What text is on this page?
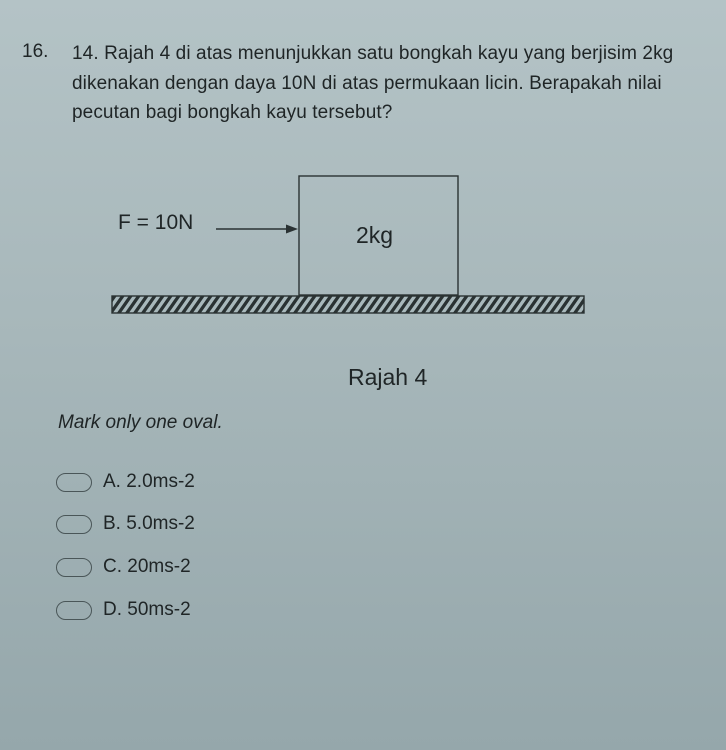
16. 14. Rajah 4 di atas menunjukkan satu bongkah kayu yang berjisim 2kg dikenakan dengan daya 10N di atas permukaan licin. Berapakah nilai pecutan bagi bongkah kayu tersebut?
F = 10N	2kg
Rajah 4
Mark only one oval.
A. 2.0ms-2
B. 5.0ms-2
C. 20ms-2
D. 50ms-2
